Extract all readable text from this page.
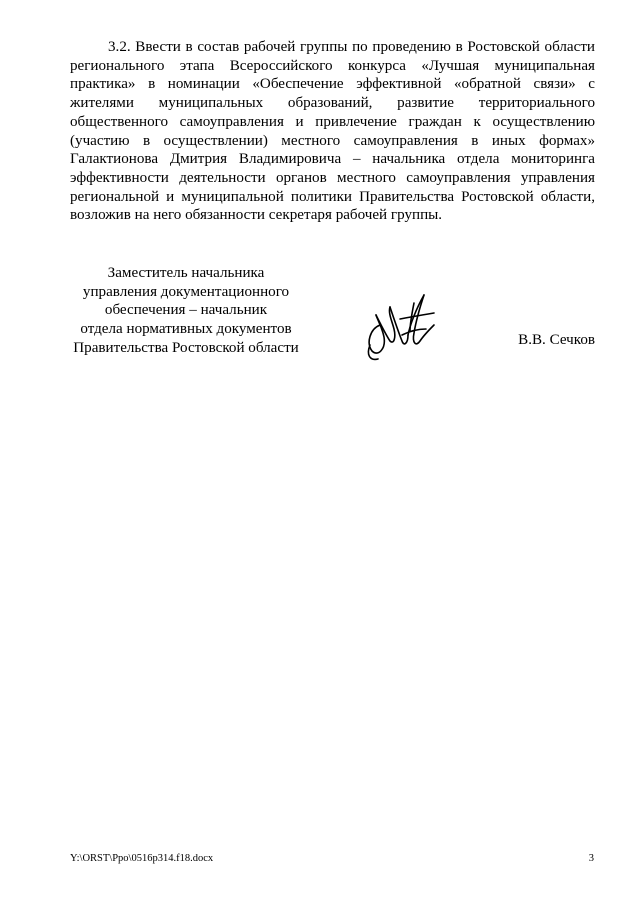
3.2. Ввести в состав рабочей группы по проведению в Ростовской области регионального этапа Всероссийского конкурса «Лучшая муниципальная практика» в номинации «Обеспечение эффективной «обратной связи» с жителями муниципальных образований, развитие территориального общественного самоуправления и привлечение граждан к осуществлению (участию в осуществлении) местного самоуправления в иных формах» Галактионова Дмитрия Владимировича – начальника отдела мониторинга эффективности деятельности органов местного самоуправления управления региональной и муниципальной политики Правительства Ростовской области, возложив на него обязанности секретаря рабочей группы.

Заместитель начальника
управления документационного
обеспечения – начальник
отдела нормативных документов
Правительства Ростовской области	В.В. Сечков
Y:\ORST\Ppo\0516p314.f18.docx	3
